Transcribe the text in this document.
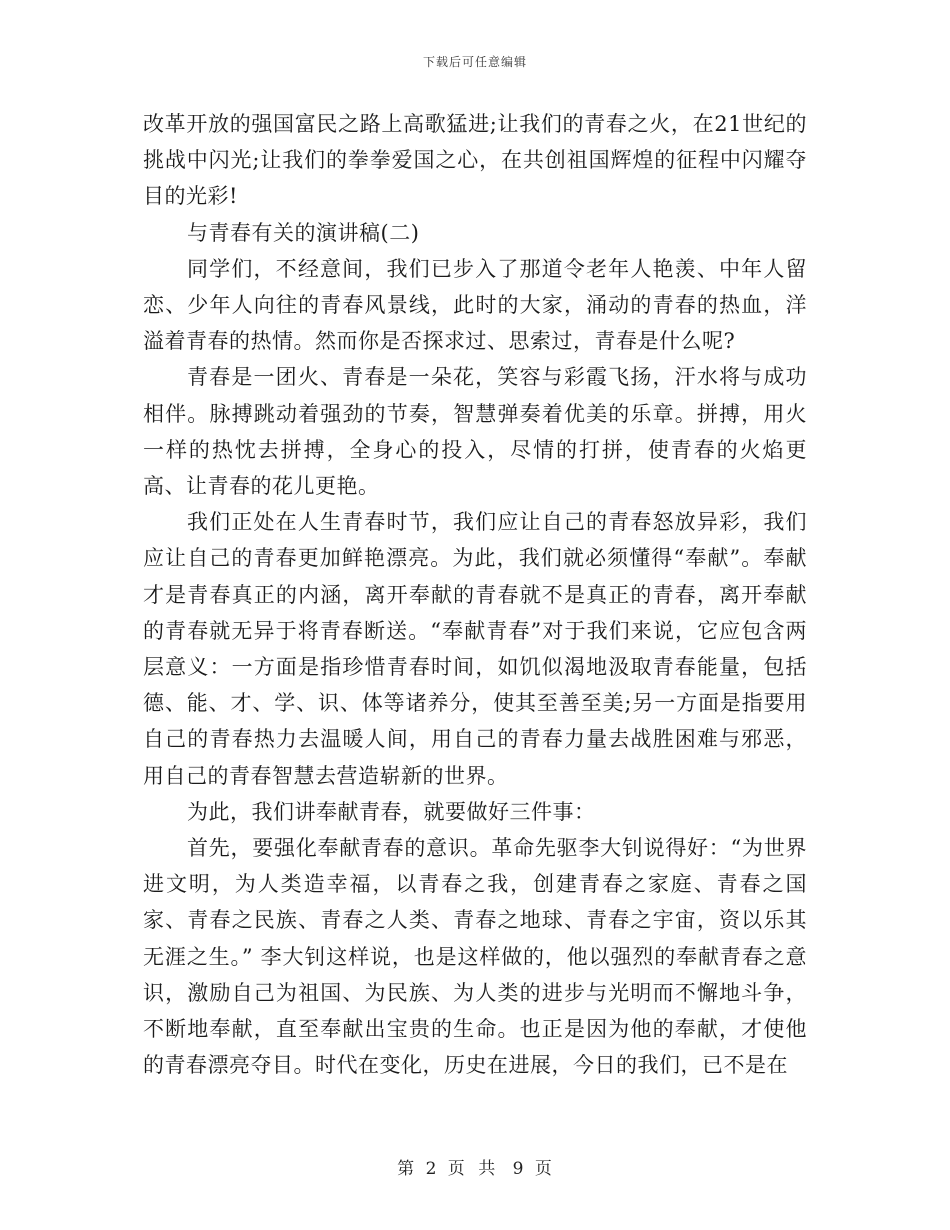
下载后可任意编辑

改革开放的强国富民之路上高歌猛进;让我们的青春之火，在21世纪的挑战中闪光;让我们的拳拳爱国之心，在共创祖国辉煌的征程中闪耀夺目的光彩!

与青春有关的演讲稿(二)

同学们，不经意间，我们已步入了那道令老年人艳羡、中年人留恋、少年人向往的青春风景线，此时的大家，涌动的青春的热血，洋溢着青春的热情。然而你是否探求过、思索过，青春是什么呢?

青春是一团火、青春是一朵花，笑容与彩霞飞扬，汗水将与成功相伴。脉搏跳动着强劲的节奏，智慧弹奏着优美的乐章。拼搏，用火一样的热忱去拼搏，全身心的投入，尽情的打拼，使青春的火焰更高、让青春的花儿更艳。

我们正处在人生青春时节，我们应让自己的青春怒放异彩，我们应让自己的青春更加鲜艳漂亮。为此，我们就必须懂得“奉献”。奉献才是青春真正的内涵，离开奉献的青春就不是真正的青春，离开奉献的青春就无异于将青春断送。“奉献青春”对于我们来说，它应包含两层意义：一方面是指珍惜青春时间，如饥似渴地汲取青春能量，包括德、能、才、学、识、体等诸养分，使其至善至美;另一方面是指要用自己的青春热力去温暖人间，用自己的青春力量去战胜困难与邪恶，用自己的青春智慧去营造崭新的世界。

为此，我们讲奉献青春，就要做好三件事：

首先，要强化奉献青春的意识。革命先驱李大钊说得好：“为世界进文明，为人类造幸福，以青春之我，创建青春之家庭、青春之国家、青春之民族、青春之人类、青春之地球、青春之宇宙，资以乐其无涯之生。” 李大钊这样说，也是这样做的，他以强烈的奉献青春之意识，激励自己为祖国、为民族、为人类的进步与光明而不懈地斗争，不断地奉献，直至奉献出宝贵的生命。也正是因为他的奉献，才使他的青春漂亮夺目。时代在变化，历史在进展，今日的我们，已不是在

第 2 页 共 9 页
